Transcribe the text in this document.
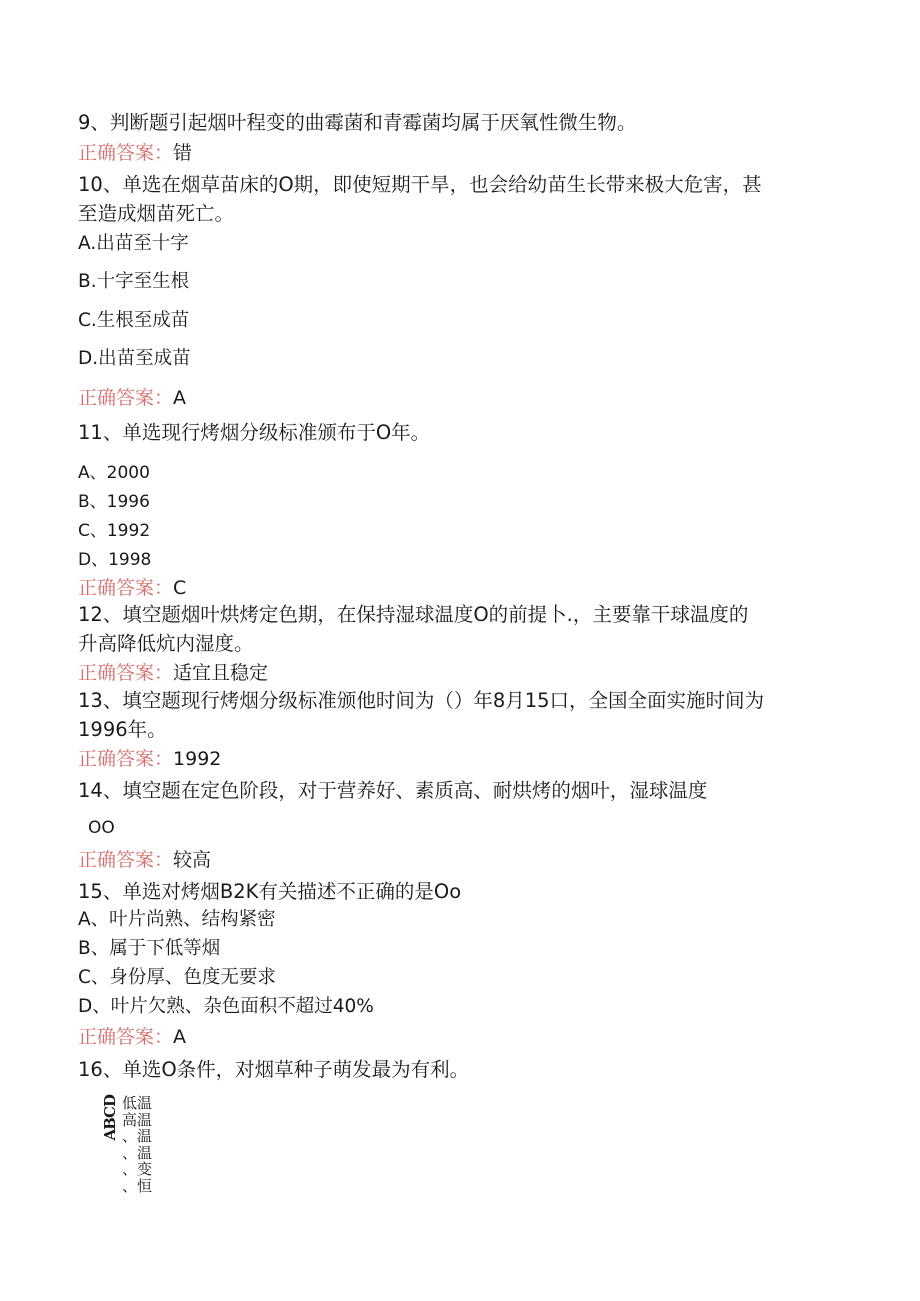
9、判断题引起烟叶程变的曲霉菌和青霉菌均属于厌氧性微生物。
正确答案：错
10、单选在烟草苗床的O期，即使短期干旱，也会给幼苗生长带来极大危害，甚
至造成烟苗死亡。
A.出苗至十字
B.十字至生根
C.生根至成苗
D.出苗至成苗
正确答案：A
11、单选现行烤烟分级标准颁布于O年。
A、2000
B、1996
C、1992
D、1998
正确答案：C
12、填空题烟叶烘烤定色期，在保持湿球温度O的前提卜.，主要靠干球温度的
升高降低炕内湿度。
正确答案：适宜且稳定
13、填空题现行烤烟分级标准颁他时间为（）年8月15口，全国全面实施时间为
1996年。
正确答案：1992
14、填空题在定色阶段，对于营养好、素质高、耐烘烤的烟叶，湿球温度
OO
正确答案：较高
15、单选对烤烟B2K有关描述不正确的是Oo
A、叶片尚熟、结构紧密
B、属于下低等烟
C、身份厚、色度无要求
D、叶片欠熟、杂色面积不超过40%
正确答案：A
16、单选O条件，对烟草种子萌发最为有利。
ABCD 低温
高温
、温
、温
、变
、恒
